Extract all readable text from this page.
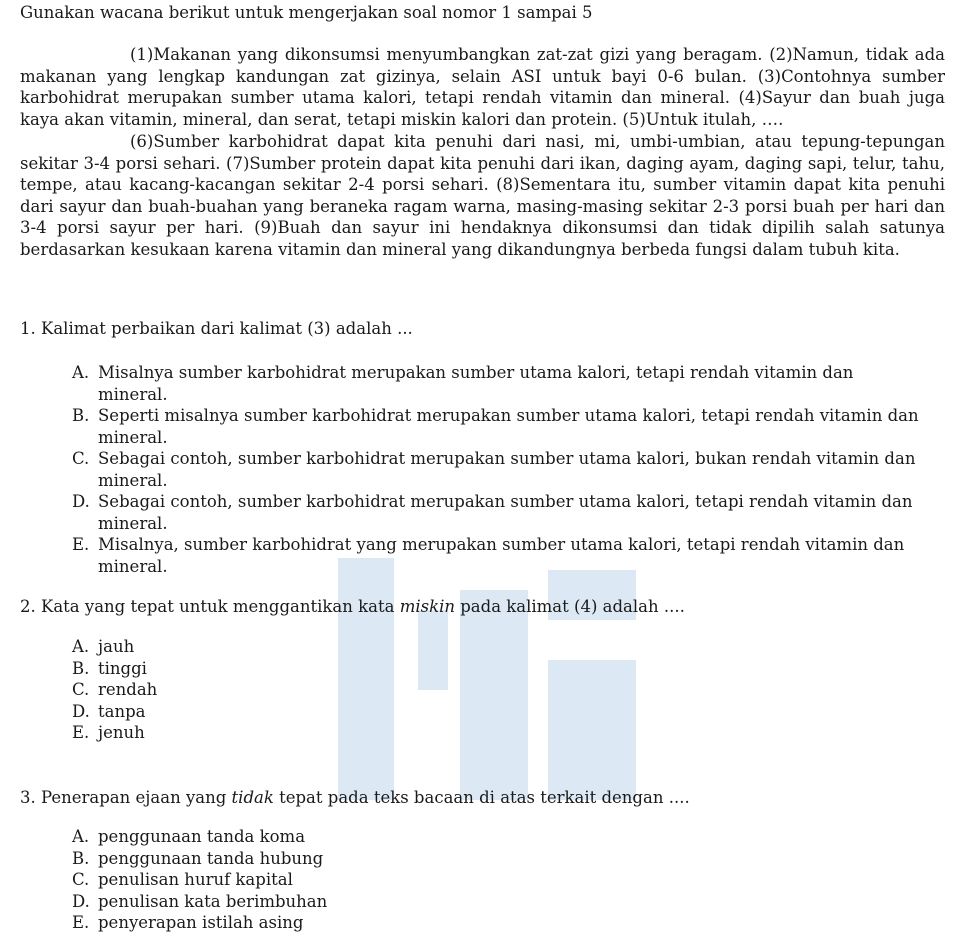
Gunakan wacana berikut untuk mengerjakan soal nomor 1 sampai 5
(1)Makanan yang dikonsumsi menyumbangkan zat-zat gizi yang beragam. (2)Namun, tidak ada makanan yang lengkap kandungan zat gizinya, selain ASI untuk bayi 0-6 bulan. (3)Contohnya sumber karbohidrat merupakan sumber utama kalori, tetapi rendah vitamin dan mineral. (4)Sayur dan buah juga kaya akan vitamin, mineral, dan serat, tetapi miskin kalori dan protein. (5)Untuk itulah, ….
(6)Sumber karbohidrat dapat kita penuhi dari nasi, mi, umbi-umbian, atau tepung-tepungan sekitar 3-4 porsi sehari. (7)Sumber protein dapat kita penuhi dari ikan, daging ayam, daging sapi, telur, tahu, tempe, atau kacang-kacangan sekitar 2-4 porsi sehari. (8)Sementara itu, sumber vitamin dapat kita penuhi dari sayur dan buah-buahan yang beraneka ragam warna, masing-masing sekitar 2-3 porsi buah per hari dan 3-4 porsi sayur per hari. (9)Buah dan sayur ini hendaknya dikonsumsi dan tidak dipilih salah satunya berdasarkan kesukaan karena vitamin dan mineral yang dikandungnya berbeda fungsi dalam tubuh kita.
1. Kalimat perbaikan dari kalimat (3) adalah ...
A. Misalnya sumber karbohidrat merupakan sumber utama kalori, tetapi rendah vitamin dan mineral.
B. Seperti misalnya sumber karbohidrat merupakan sumber utama kalori, tetapi rendah vitamin dan mineral.
C. Sebagai contoh, sumber karbohidrat merupakan sumber utama kalori, bukan rendah vitamin dan mineral.
D. Sebagai contoh, sumber karbohidrat merupakan sumber utama kalori, tetapi rendah vitamin dan mineral.
E. Misalnya, sumber karbohidrat yang merupakan sumber utama kalori, tetapi rendah vitamin dan mineral.
2. Kata yang tepat untuk menggantikan kata miskin pada kalimat (4) adalah ....
A. jauh
B. tinggi
C. rendah
D. tanpa
E. jenuh
3. Penerapan ejaan yang tidak tepat pada teks bacaan di atas terkait dengan ....
A. penggunaan tanda koma
B. penggunaan tanda hubung
C. penulisan huruf kapital
D. penulisan kata berimbuhan
E. penyerapan istilah asing
